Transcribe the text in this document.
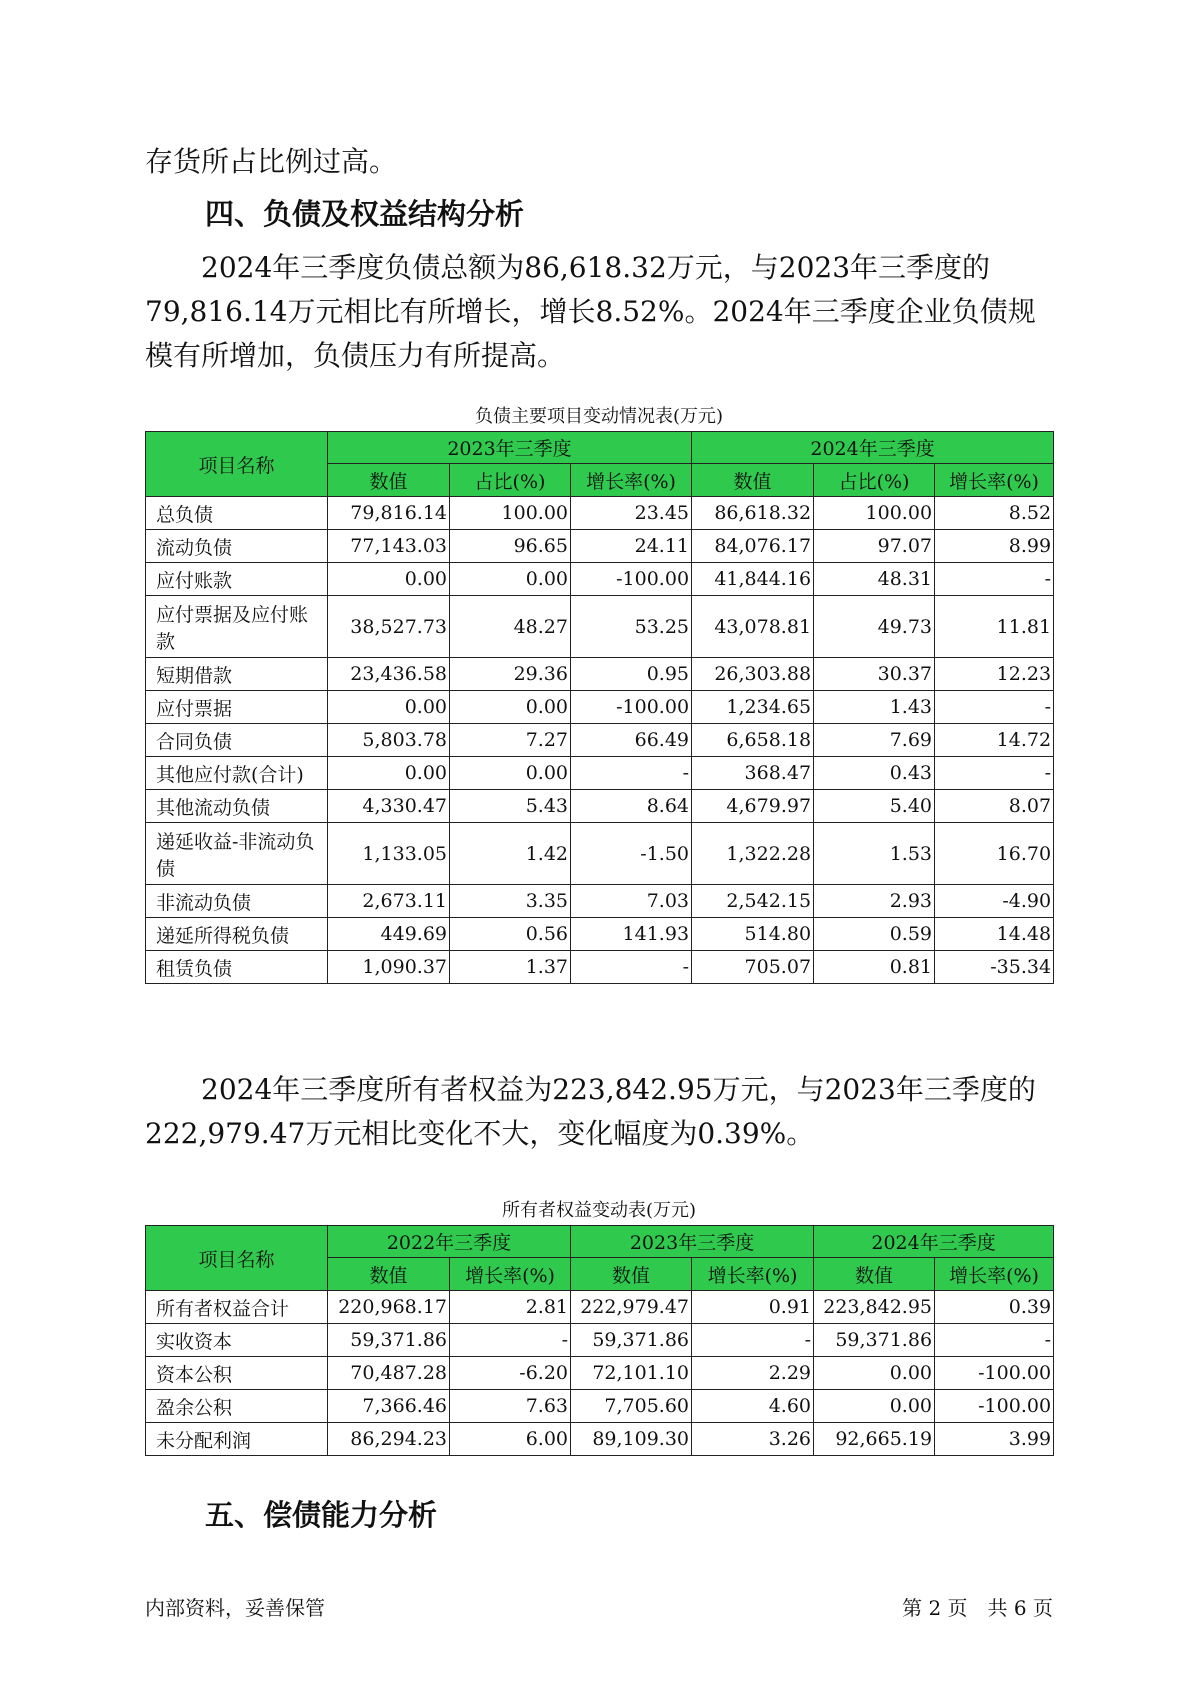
存货所占比例过高。

四、负债及权益结构分析

　　2024年三季度负债总额为86,618.32万元，与2023年三季度的79,816.14万元相比有所增长，增长8.52%。2024年三季度企业负债规模有所增加，负债压力有所提高。

负债主要项目变动情况表(万元)

项目名称	2023年三季度			2024年三季度		
	数值	占比(%)	增长率(%)	数值	占比(%)	增长率(%)
总负债	79,816.14	100.00	23.45	86,618.32	100.00	8.52
流动负债	77,143.03	96.65	24.11	84,076.17	97.07	8.99
应付账款	0.00	0.00	-100.00	41,844.16	48.31	-
应付票据及应付账款	38,527.73	48.27	53.25	43,078.81	49.73	11.81
短期借款	23,436.58	29.36	0.95	26,303.88	30.37	12.23
应付票据	0.00	0.00	-100.00	1,234.65	1.43	-
合同负债	5,803.78	7.27	66.49	6,658.18	7.69	14.72
其他应付款(合计)	0.00	0.00	-	368.47	0.43	-
其他流动负债	4,330.47	5.43	8.64	4,679.97	5.40	8.07
递延收益-非流动负债	1,133.05	1.42	-1.50	1,322.28	1.53	16.70
非流动负债	2,673.11	3.35	7.03	2,542.15	2.93	-4.90
递延所得税负债	449.69	0.56	141.93	514.80	0.59	14.48
租赁负债	1,090.37	1.37	-	705.07	0.81	-35.34

　　2024年三季度所有者权益为223,842.95万元，与2023年三季度的222,979.47万元相比变化不大，变化幅度为0.39%。

所有者权益变动表(万元)

项目名称	2022年三季度		2023年三季度		2024年三季度	
	数值	增长率(%)	数值	增长率(%)	数值	增长率(%)
所有者权益合计	220,968.17	2.81	222,979.47	0.91	223,842.95	0.39
实收资本	59,371.86	-	59,371.86	-	59,371.86	-
资本公积	70,487.28	-6.20	72,101.10	2.29	0.00	-100.00
盈余公积	7,366.46	7.63	7,705.60	4.60	0.00	-100.00
未分配利润	86,294.23	6.00	89,109.30	3.26	92,665.19	3.99
五、偿债能力分析
内部资料，妥善保管	第 2 页　共 6 页
